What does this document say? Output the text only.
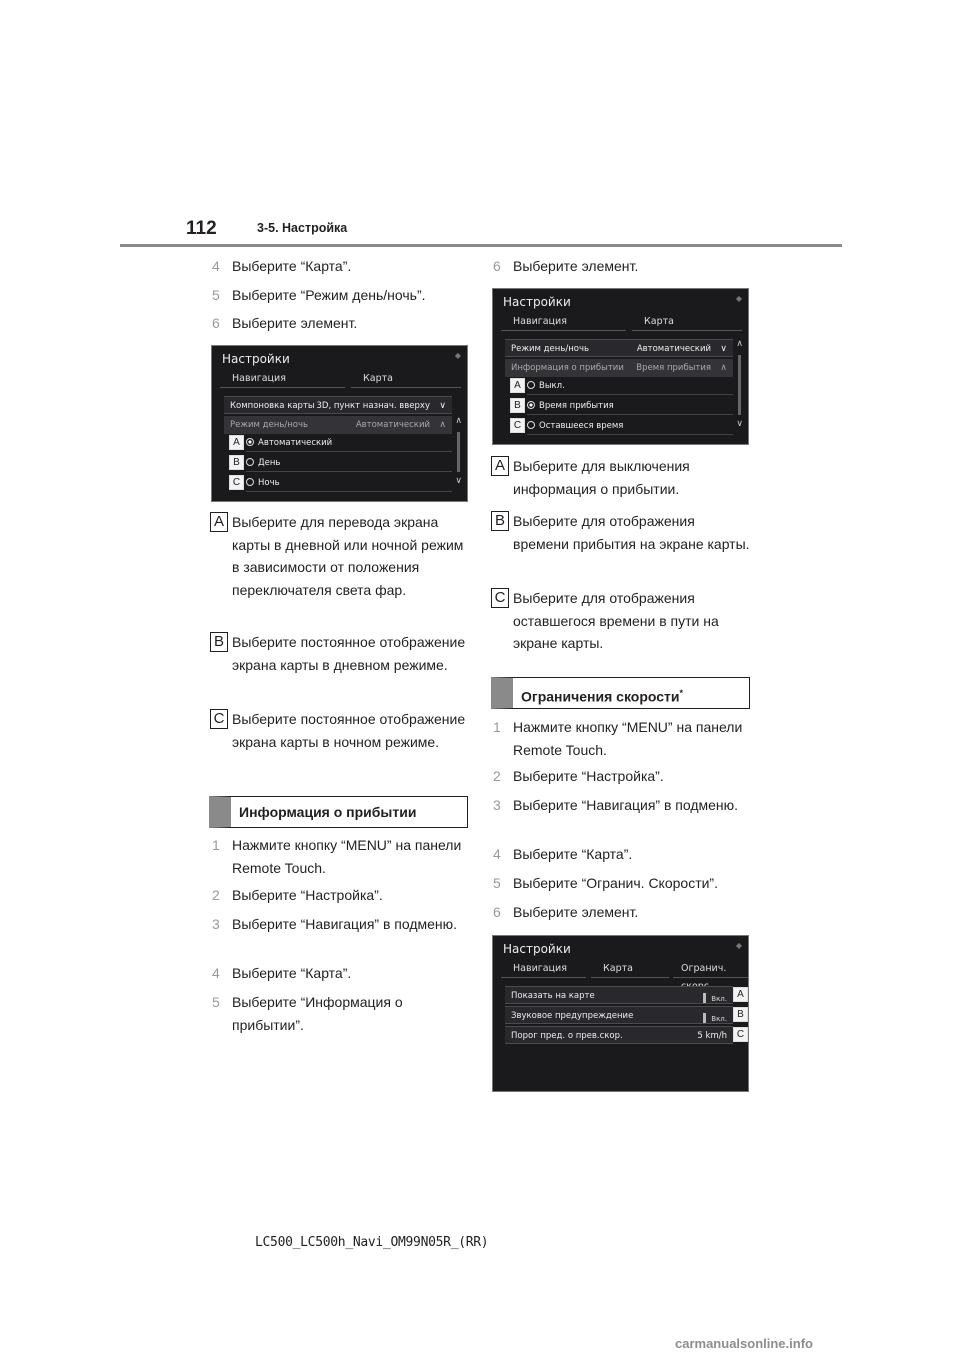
112	3-5. Настройка
4 Выберите “Карта”.
5 Выберите “Режим день/ночь”.
6 Выберите элемент.
Настройки	◆
Навигация	Карта
Компоновка карты 3D, пункт назнач. вверху ∨
Режим день/ночь	Автоматический ∧
A	Автоматический
B	День
C	Ночь
∧
∨
A Выберите для перевода экрана карты в дневной или ночной режим в зависимости от положения переключателя света фар.
B Выберите постоянное отображение экрана карты в дневном режиме.
C Выберите постоянное отображение экрана карты в ночном режиме.
Информация о прибытии
1 Нажмите кнопку “MENU” на панели Remote Touch.
2 Выберите “Настройка”.
3 Выберите “Навигация” в подменю.
4 Выберите “Карта”.
5 Выберите “Информация о прибытии”.
6 Выберите элемент.
Настройки	◆
Навигация	Карта
Режим день/ночь	Автоматический ∨
Информация о прибытии Время прибытия ∧
A	Выкл.
B	Время прибытия
C	Оставшееся время
∧
∨
A Выберите для выключения информация о прибытии.
B Выберите для отображения времени прибытия на экране карты.
C Выберите для отображения оставшегося времени в пути на экране карты.
Ограничения скорости*
1 Нажмите кнопку “MENU” на панели Remote Touch.
2 Выберите “Настройка”.
3 Выберите “Навигация” в подменю.
4 Выберите “Карта”.
5 Выберите “Огранич. Скорости”.
6 Выберите элемент.
Настройки	◆
Навигация	Карта	Огранич.
Показать на карте	Вкл.	A
Звуковое предупреждение	Вкл.	B
Порог пред. о прев.скор.	5 km/h C
LC500_LC500h_Navi_OM99N05R_(RR)
carmanualsonline.info
